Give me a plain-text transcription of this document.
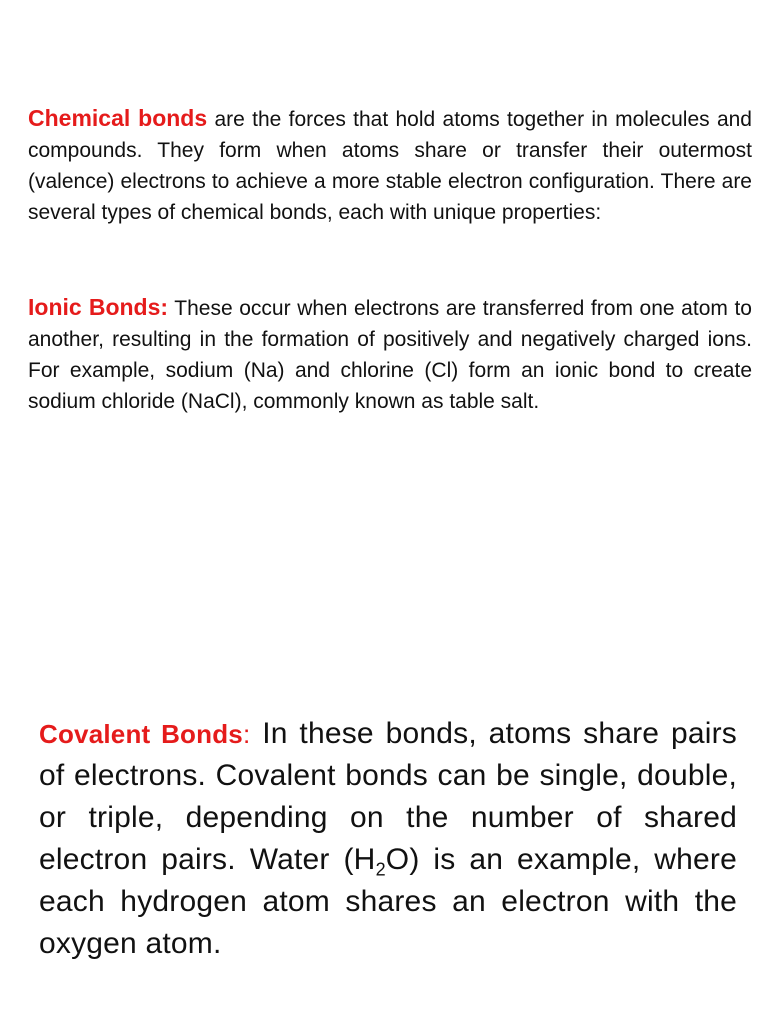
Chemical bonds are the forces that hold atoms together in molecules and compounds. They form when atoms share or transfer their outermost (valence) electrons to achieve a more stable electron configuration. There are several types of chemical bonds, each with unique properties:

Ionic Bonds: These occur when electrons are transferred from one atom to another, resulting in the formation of positively and negatively charged ions. For example, sodium (Na) and chlorine (Cl) form an ionic bond to create sodium chloride (NaCl), commonly known as table salt.

Covalent Bonds: In these bonds, atoms share pairs of electrons. Covalent bonds can be single, double, or triple, depending on the number of shared electron pairs. Water $(H_2O)$ is an example, where each hydrogen atom shares an electron with the oxygen atom.
